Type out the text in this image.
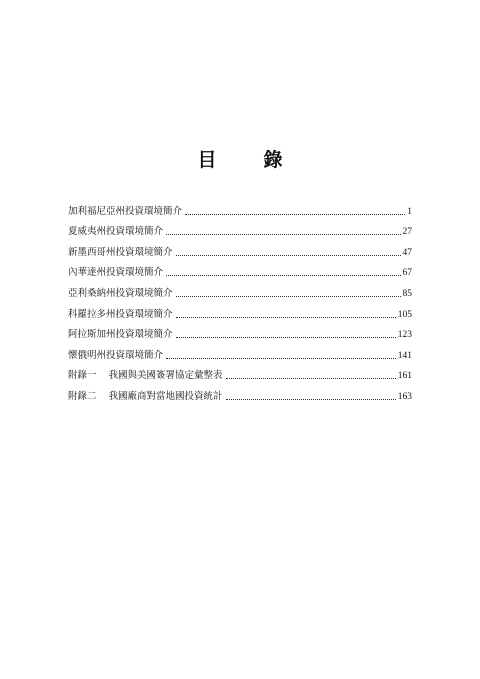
目　錄
加利福尼亞州投資環境簡介	1
夏威夷州投資環境簡介	27
新墨西哥州投資環境簡介	47
內華達州投資環境簡介	67
亞利桑納州投資環境簡介	85
科羅拉多州投資環境簡介	105
阿拉斯加州投資環境簡介	123
懷俄明州投資環境簡介	141
附錄一 我國與美國簽署協定彙整表	161
附錄二 我國廠商對當地國投資統計	163
